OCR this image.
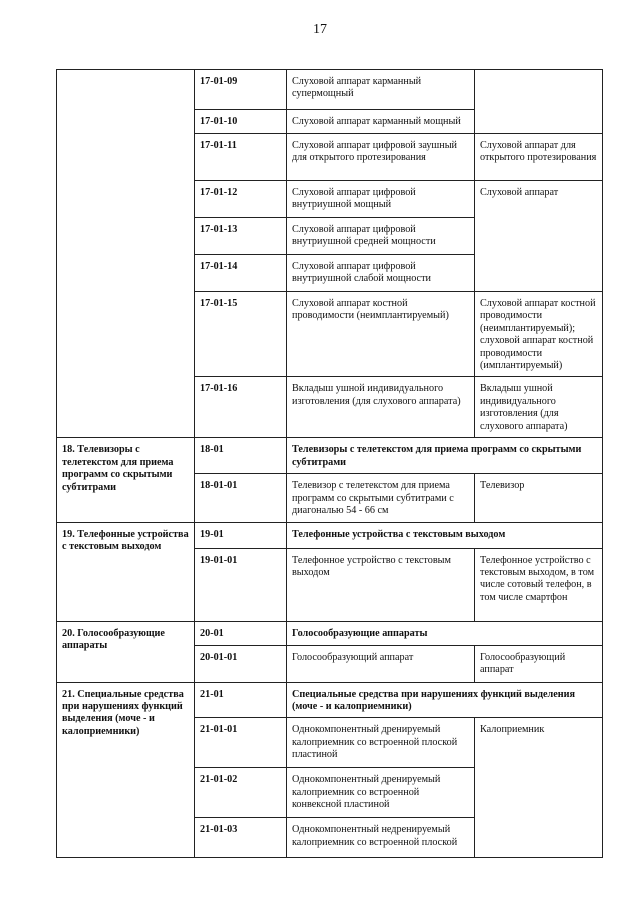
17
	17-01-09	Слуховой аппарат карманный супермощный	
	17-01-10	Слуховой аппарат карманный мощный	
	17-01-11	Слуховой аппарат цифровой заушный для открытого протезирования	Слуховой аппарат для открытого протезирования
	17-01-12	Слуховой аппарат цифровой внутриушной мощный	Слуховой аппарат
	17-01-13	Слуховой аппарат цифровой внутриушной средней мощности	
	17-01-14	Слуховой аппарат цифровой внутриушной слабой мощности	
	17-01-15	Слуховой аппарат костной проводимости (неимплантируемый)	Слуховой аппарат костной проводимости (неимплантируемый); слуховой аппарат костной проводимости (имплантируемый)
	17-01-16	Вкладыш ушной индивидуального изготовления (для слухового аппарата)	Вкладыш ушной индивидуального изготовления (для слухового аппарата)
18. Телевизоры с телетекстом для приема программ со скрытыми субтитрами	18-01	Телевизоры с телетекстом для приема программ со скрытыми субтитрами	
	18-01-01	Телевизор с телетекстом для приема программ со скрытыми субтитрами с диагональю 54 - 66 см	Телевизор
19. Телефонные устройства с текстовым выходом	19-01	Телефонные устройства с текстовым выходом	
	19-01-01	Телефонное устройство с текстовым выходом	Телефонное устройство с текстовым выходом, в том числе сотовый телефон, в том числе смартфон
20. Голосообразующие аппараты	20-01	Голосообразующие аппараты	
	20-01-01	Голосообразующий аппарат	Голосообразующий аппарат
21. Специальные средства при нарушениях функций выделения (моче - и калоприемники)	21-01	Специальные средства при нарушениях функций выделения (моче - и калоприемники)	
	21-01-01	Однокомпонентный дренируемый калоприемник со встроенной плоской пластиной	Калоприемник
	21-01-02	Однокомпонентный дренируемый калоприемник со встроенной конвексной пластиной	
	21-01-03	Однокомпонентный недренируемый калоприемник со встроенной плоской	
